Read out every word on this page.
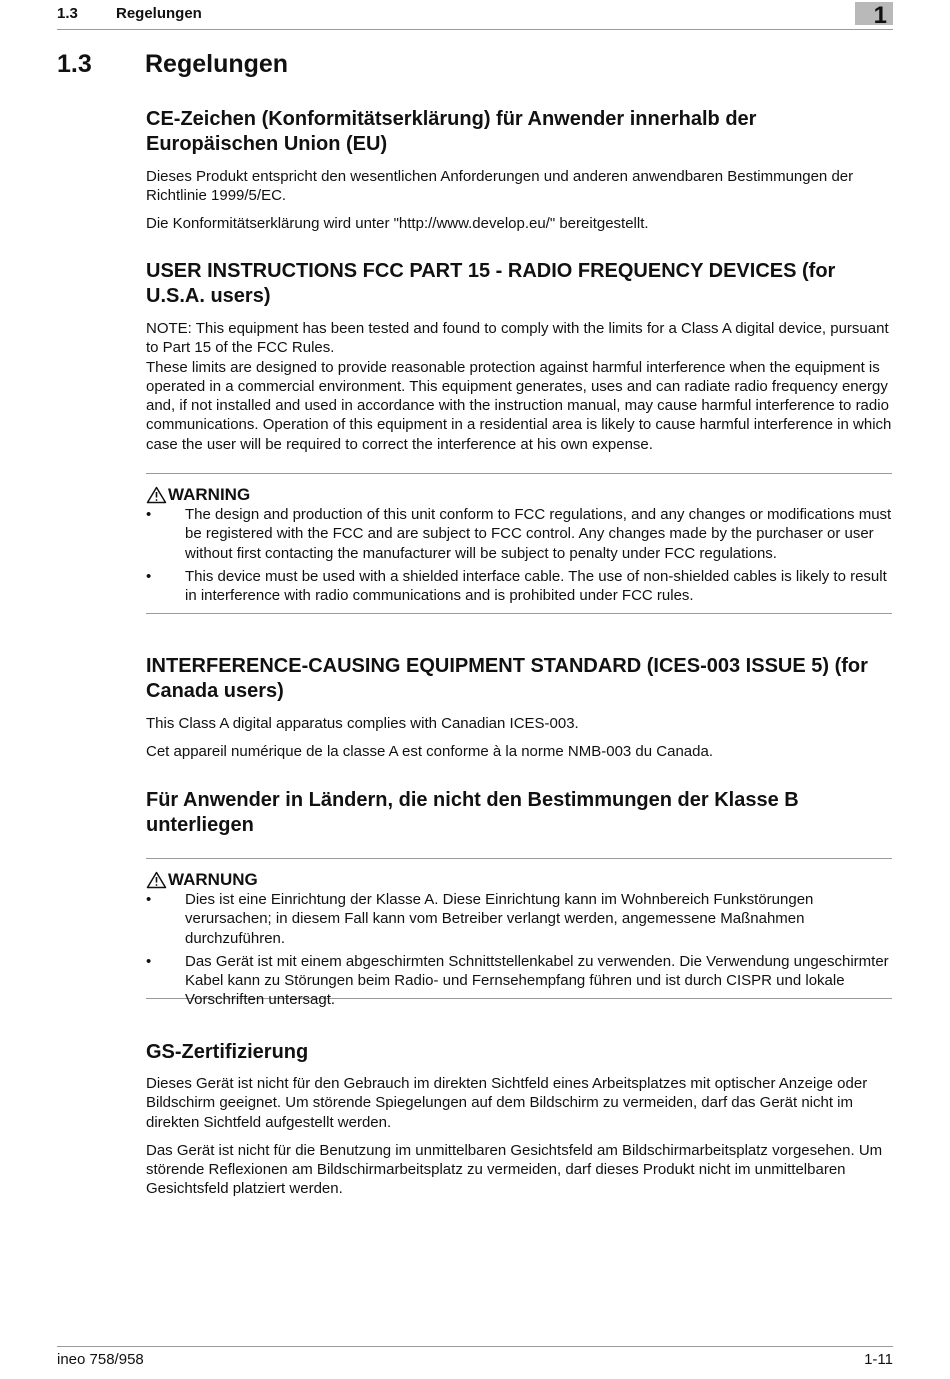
1.3	Regelungen	1
1.3 Regelungen
CE-Zeichen (Konformitätserklärung) für Anwender innerhalb der Europäischen Union (EU)

Dieses Produkt entspricht den wesentlichen Anforderungen und anderen anwendbaren Bestimmungen der Richtlinie 1999/5/EC.

Die Konformitätserklärung wird unter "http://www.develop.eu/" bereitgestellt.

USER INSTRUCTIONS FCC PART 15 - RADIO FREQUENCY DEVICES (for U.S.A. users)

NOTE: This equipment has been tested and found to comply with the limits for a Class A digital device, pursuant to Part 15 of the FCC Rules.

These limits are designed to provide reasonable protection against harmful interference when the equipment is operated in a commercial environment. This equipment generates, uses and can radiate radio frequency energy and, if not installed and used in accordance with the instruction manual, may cause harmful interference to radio communications. Operation of this equipment in a residential area is likely to cause harmful interference in which case the user will be required to correct the interference at his own expense.

WARNING
• The design and production of this unit conform to FCC regulations, and any changes or modifications must be registered with the FCC and are subject to FCC control. Any changes made by the purchaser or user without first contacting the manufacturer will be subject to penalty under FCC regulations.
• This device must be used with a shielded interface cable. The use of non-shielded cables is likely to result in interference with radio communications and is prohibited under FCC rules.
INTERFERENCE-CAUSING EQUIPMENT STANDARD (ICES-003 ISSUE 5) (for Canada users)

This Class A digital apparatus complies with Canadian ICES-003.

Cet appareil numérique de la classe A est conforme à la norme NMB-003 du Canada.

Für Anwender in Ländern, die nicht den Bestimmungen der Klasse B unterliegen
WARNUNG
• Dies ist eine Einrichtung der Klasse A. Diese Einrichtung kann im Wohnbereich Funkstörungen verursachen; in diesem Fall kann vom Betreiber verlangt werden, angemessene Maßnahmen durchzuführen.
• Das Gerät ist mit einem abgeschirmten Schnittstellenkabel zu verwenden. Die Verwendung ungeschirmter Kabel kann zu Störungen beim Radio- und Fernsehempfang führen und ist durch CISPR und lokale Vorschriften untersagt.
GS-Zertifizierung

Dieses Gerät ist nicht für den Gebrauch im direkten Sichtfeld eines Arbeitsplatzes mit optischer Anzeige oder Bildschirm geeignet. Um störende Spiegelungen auf dem Bildschirm zu vermeiden, darf das Gerät nicht im direkten Sichtfeld aufgestellt werden.

Das Gerät ist nicht für die Benutzung im unmittelbaren Gesichtsfeld am Bildschirmarbeitsplatz vorgesehen. Um störende Reflexionen am Bildschirmarbeitsplatz zu vermeiden, darf dieses Produkt nicht im unmittelbaren Gesichtsfeld platziert werden.

ineo 758/958	1-11
